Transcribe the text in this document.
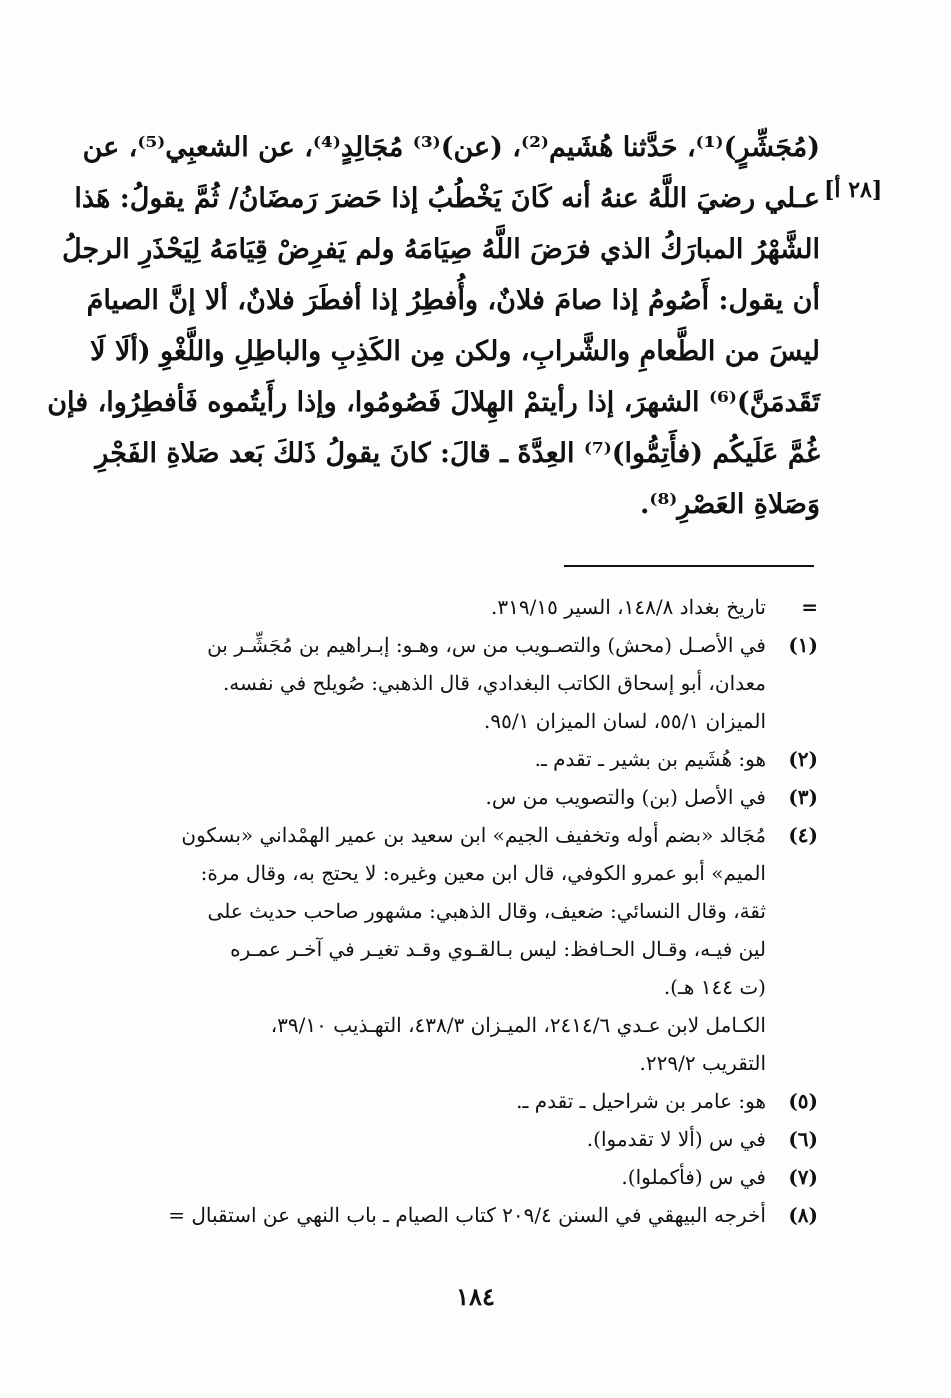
[٢٨ أ]
(مُجَشِّرٍ)⁽¹⁾، حَدَّثنا هُشَيم⁽²⁾، (عن)⁽³⁾ مُجَالِدٍ⁽⁴⁾، عن الشعبِي⁽⁵⁾، عن
عـلي رضيَ اللَّهُ عنهُ أنه كَانَ يَخْطُبُ إذا حَضرَ رَمضَانُ/ ثُمَّ يقولُ: هَذا
الشَّهْرُ المبارَكُ الذي فرَضَ اللَّهُ صِيَامَهُ ولم يَفرِضْ قِيَامَهُ لِيَحْذَرِ الرجلُ
أن يقول: أَصُومُ إذا صامَ فلانٌ، وأُفطِرُ إذا أفطَرَ فلانٌ، ألا إنَّ الصيامَ
ليسَ من الطَّعامِ والشَّرابِ، ولكن مِن الكَذِبِ والباطِلِ واللَّغْوِ (ألَا لَا
تَقَدمَنَّ)⁽⁶⁾ الشهرَ، إذا رأيتمْ الهِلالَ فَصُومُوا، وإذا رأَيتُموه فَأفطِرُوا، فإن
غُمَّ عَلَيكُم (فأَتِمُّوا)⁽⁷⁾ العِدَّةَ ـ قالَ: كانَ يقولُ ذَلكَ بَعد صَلاةِ الفَجْرِ
وَصَلاةِ العَصْرِ⁽⁸⁾.
=
تاريخ بغداد ١٤٨/٨، السير ٣١٩/١٥.
(١)
في الأصـل (محش) والتصـويب من س، وهـو: إبـراهيم بن مُجَشِّـر بن
معدان، أبو إسحاق الكاتب البغدادي، قال الذهبي: صُويلح في نفسه.
الميزان ٥٥/١، لسان الميزان ٩٥/١.
(٢)
هو: هُشَيم بن بشير ـ تقدم ـ.
(٣)
في الأصل (بن) والتصويب من س.
(٤)
مُجَالد «بضم أوله وتخفيف الجيم» ابن سعيد بن عمير الهمْداني «بسكون
الميم» أبو عمرو الكوفي، قال ابن معين وغيره: لا يحتج به، وقال مرة:
ثقة، وقال النسائي: ضعيف، وقال الذهبي: مشهور صاحب حديث على
لين فيـه، وقـال الحـافظ: ليس بـالقـوي وقـد تغيـر في آخـر عمـره
(ت ١٤٤ هـ).
الكـامل لابن عـدي ٢٤١٤/٦، الميـزان ٤٣٨/٣، التهـذيب ٣٩/١٠،
التقريب ٢٢٩/٢.
(٥)
هو: عامر بن شراحيل ـ تقدم ـ.
(٦)
في س (ألا لا تقدموا).
(٧)
في س (فأكملوا).
(٨)
أخرجه البيهقي في السنن ٢٠٩/٤ كتاب الصيام ـ باب النهي عن استقبال =
١٨٤
